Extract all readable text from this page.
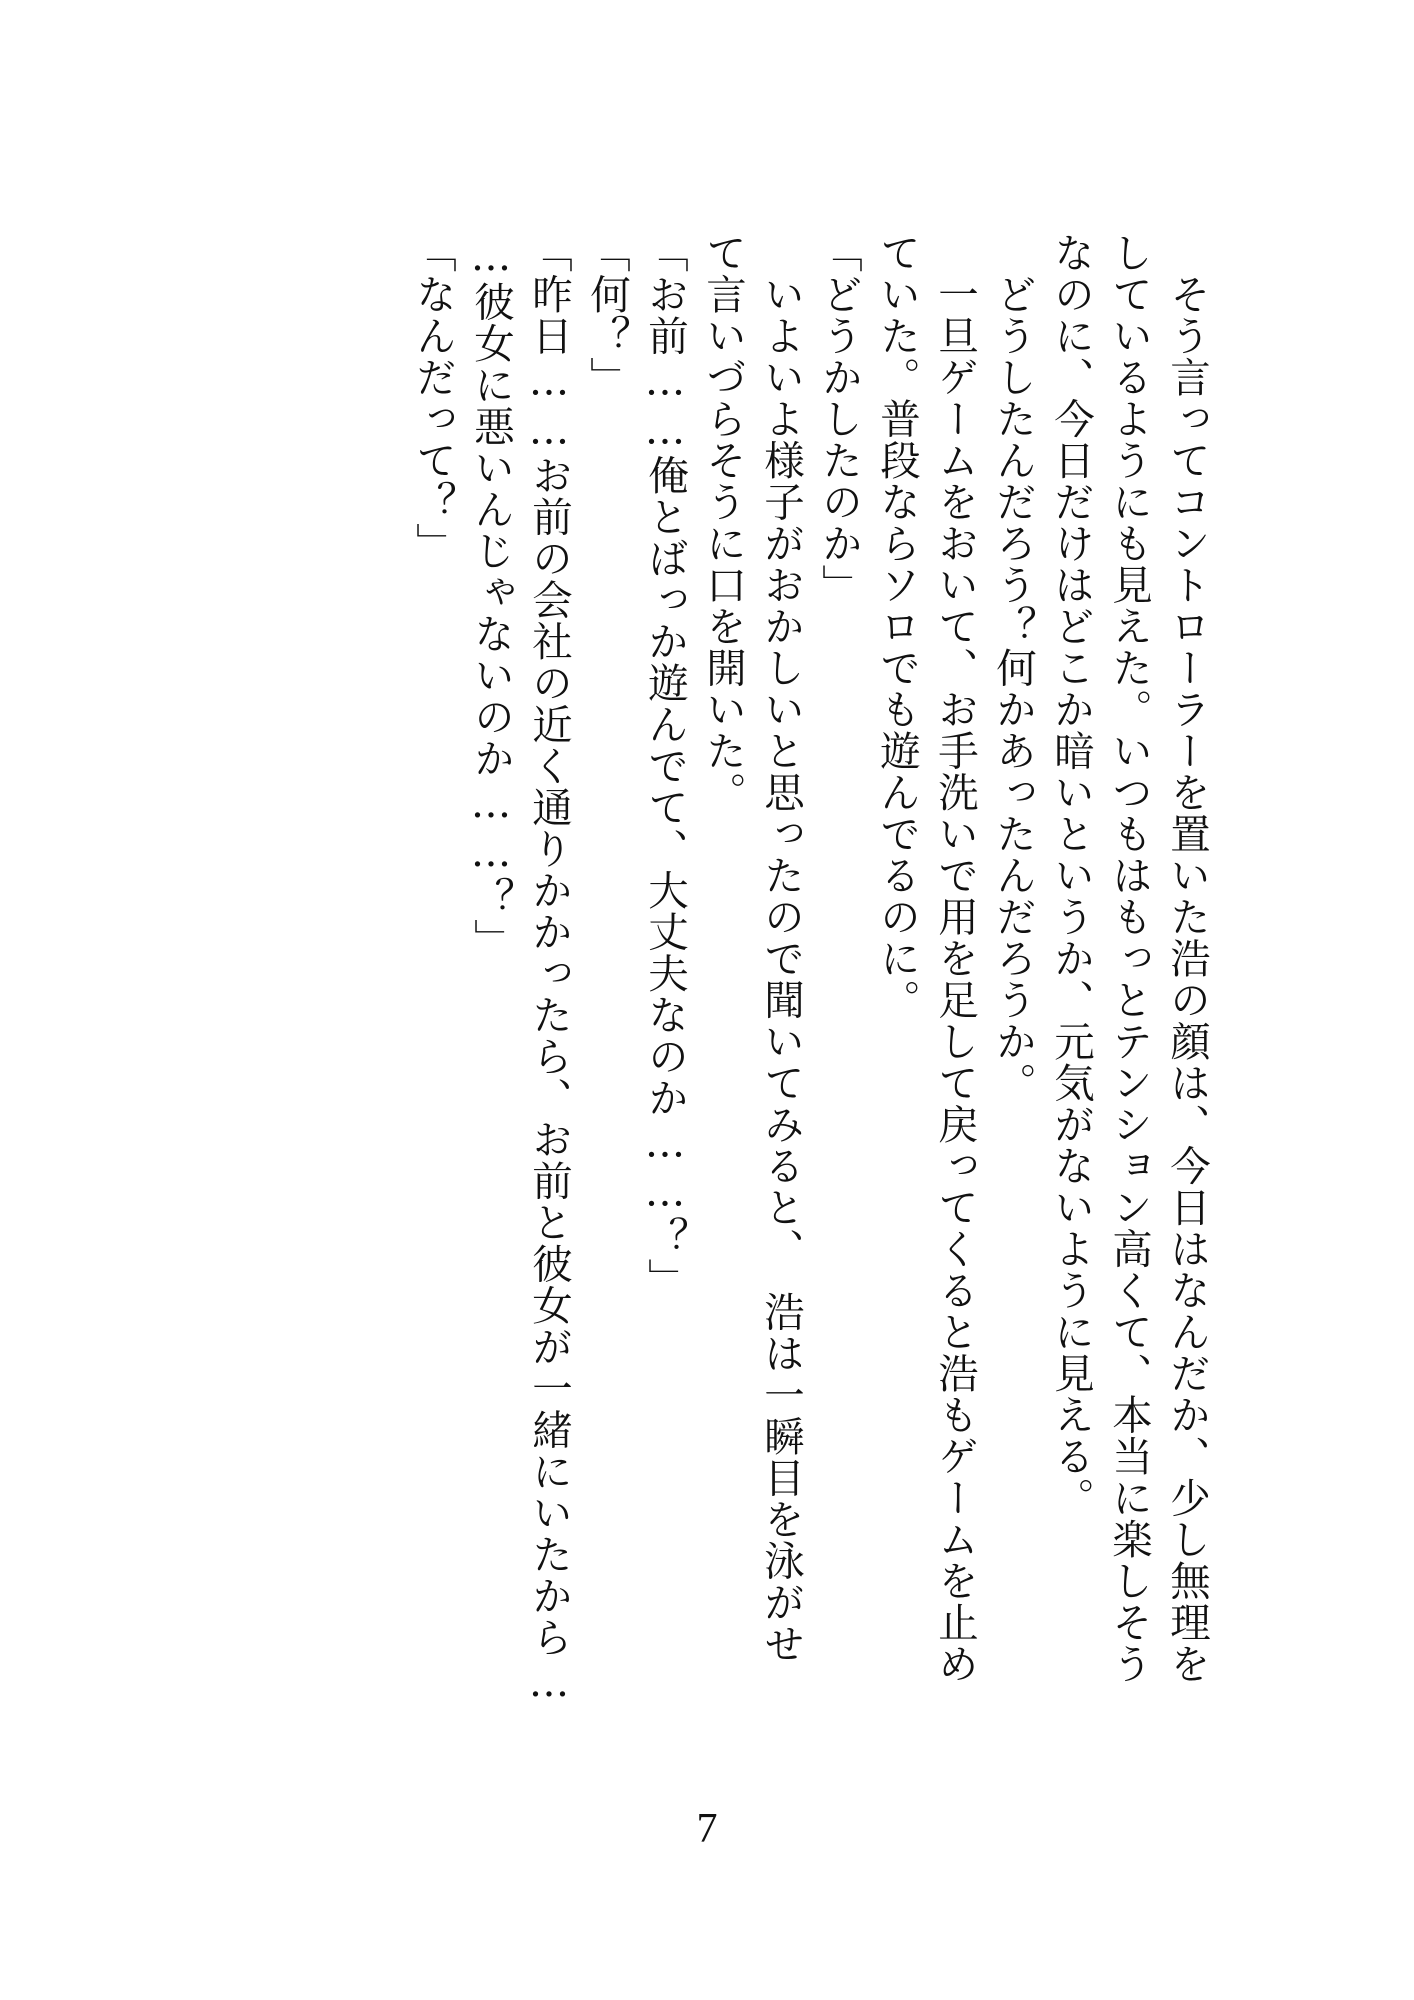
　そう言ってコントローラーを置いた浩の顔は、今日はなんだか、少し無理を
しているようにも見えた。いつもはもっとテンション高くて、本当に楽しそう
なのに、今日だけはどこか暗いというか、元気がないように見える。
　どうしたんだろう？何かあったんだろうか。
　一旦ゲームをおいて、お手洗いで用を足して戻ってくると浩もゲームを止め
ていた。普段ならソロでも遊んでるのに。
「どうかしたのか」
　いよいよ様子がおかしいと思ったので聞いてみると、　浩は一瞬目を泳がせ
て言いづらそうに口を開いた。
「お前……俺とばっか遊んでて、大丈夫なのか……？」
「何？」
「昨日……お前の会社の近く通りかかったら、お前と彼女が一緒にいたから…
…彼女に悪いんじゃないのか……？」
「なんだって？」
7
